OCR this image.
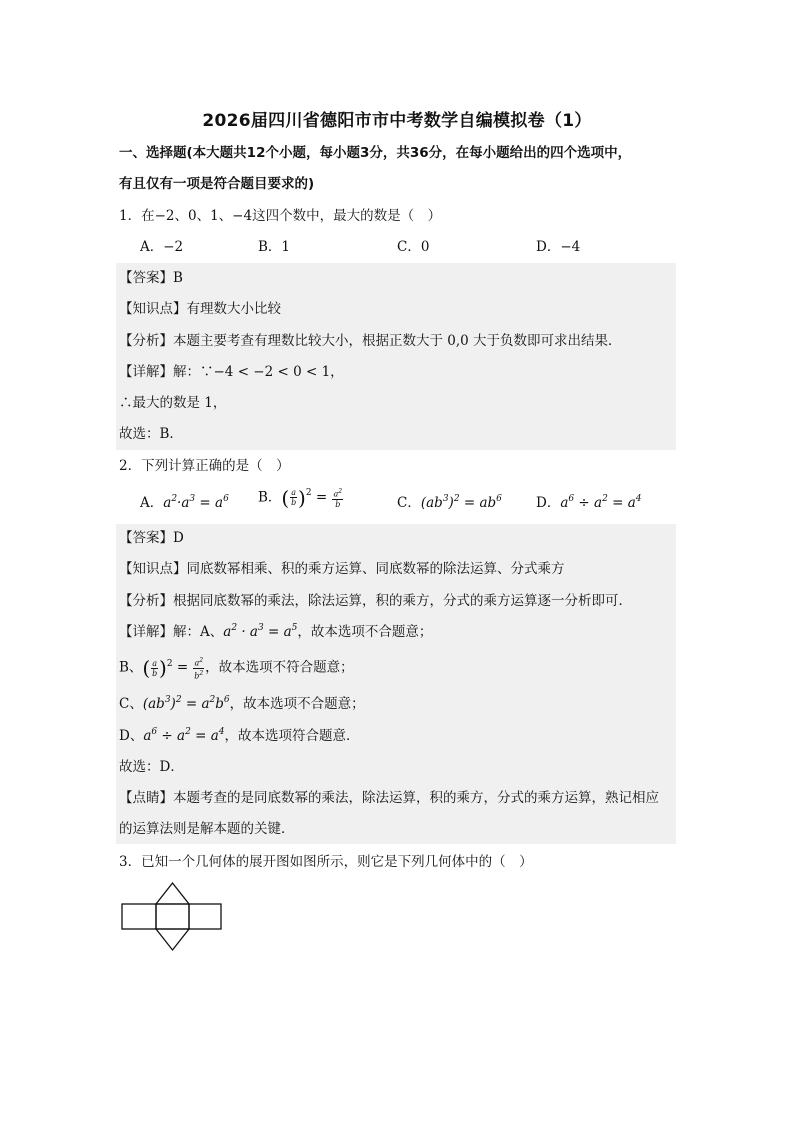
2026届四川省德阳市市中考数学自编模拟卷（1）
一、选择题(本大题共12个小题，每小题3分，共36分，在每小题给出的四个选项中，
有且仅有一项是符合题目要求的)
1．在−2、0、1、−4这四个数中，最大的数是（　）
A．−2	B．1	C．0	D．−4
【答案】B
【知识点】有理数大小比较
【分析】本题主要考查有理数比较大小，根据正数大于 0,0 大于负数即可求出结果．
【详解】解：∵−4 < −2 < 0 < 1，
∴最大的数是 1，
故选：B．
2．下列计算正确的是（　）
A．$a^2\cdot a^3 = a^6$ B．( $\frac{a}{b} )^2 = \frac{a^2}{b}$	C．$(ab^3)^2 = ab^6$	D．$a^6 \div a^2 = a^4$
【答案】D
【知识点】同底数幂相乘、积的乘方运算、同底数幂的除法运算、分式乘方
【分析】根据同底数幂的乘法，除法运算，积的乘方，分式的乘方运算逐一分析即可．
【详解】解：A、$a^2 \cdot a^3 = a^5$，故本选项不合题意；
B、( $\frac{a}{b} )^2 = \frac{a^2}{b^2}$ ，故本选项不符合题意；
C、$(ab^3)^2 = a^2b^6$，故本选项不合题意；
D、$a^6 \div a^2 = a^4$，故本选项符合题意．
故选：D．
【点睛】本题考查的是同底数幂的乘法，除法运算，积的乘方，分式的乘方运算，熟记相应
的运算法则是解本题的关键．
3．已知一个几何体的展开图如图所示，则它是下列几何体中的（　）
